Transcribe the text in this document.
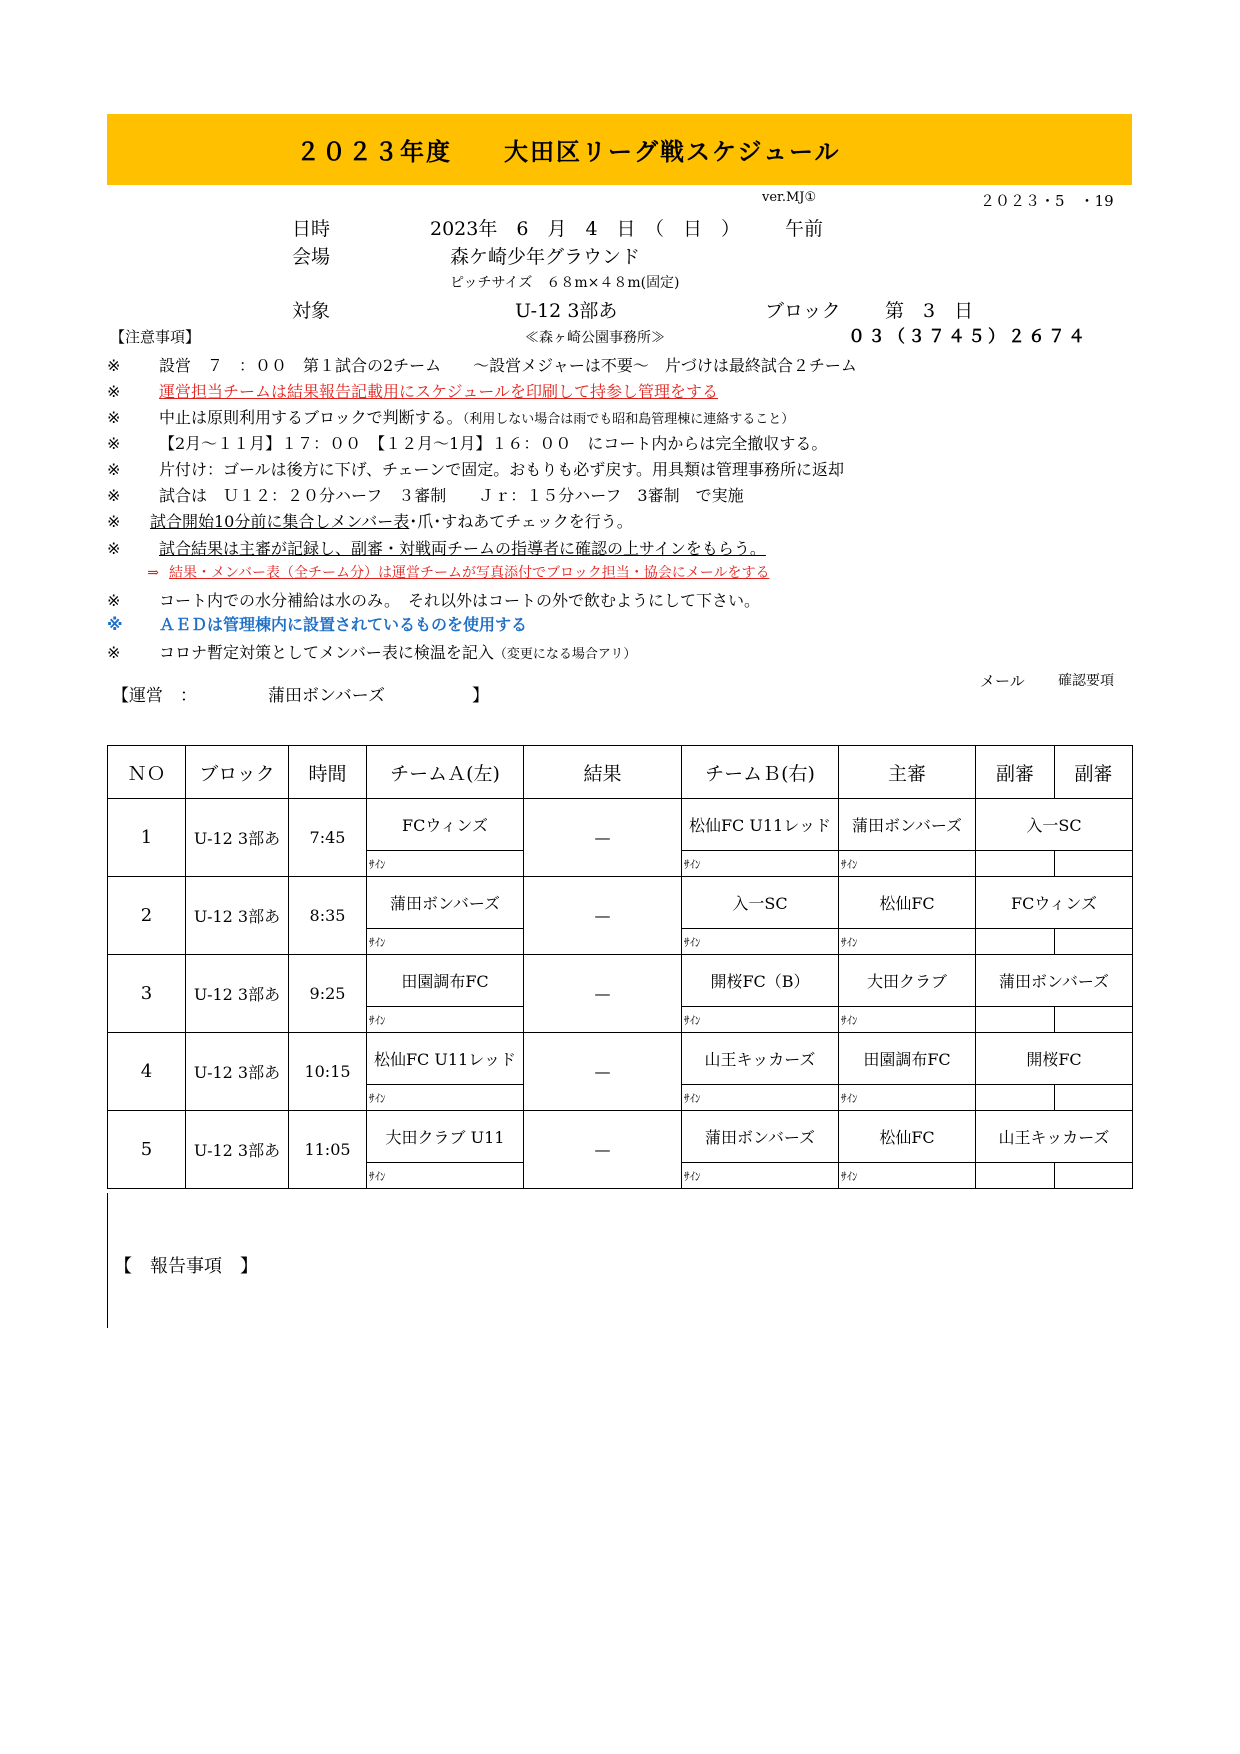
２０２３年度　　大田区リーグ戦スケジュール
ver.MJ①	２０２３・5　・19
日時	2023年　6　月　4　日　（　日　） 午前
会場	森ケ崎少年グラウンド
ピッチサイズ　６８m×４８m(固定)
対象	U-12 3部あ	ブロック 第　3　日
【注意事項】	≪森ヶ崎公園事務所≫	０３（３７４５）２６７４
※ 設営　７　：００　第１試合の2チーム　　～設営メジャーは不要～　片づけは最終試合２チーム
※ 運営担当チームは結果報告記載用にスケジュールを印刷して持参し管理をする
※ 中止は原則利用するブロックで判断する。（利用しない場合は雨でも昭和島管理棟に連絡すること）
※ 【2月～１１月】１７：００　【１２月～1月】１６：００　にコート内からは完全撤収する。
※ 片付け：ゴールは後方に下げ、チェーンで固定。おもりも必ず戻す。用具類は管理事務所に返却
※ 試合は　Ｕ１２：２０分ハーフ　３審制　　Ｊｒ：１５分ハーフ　3審制　で実施
※ 試合開始10分前に集合しメンバー表･爪･すねあてチェックを行う。
※ 試合結果は主審が記録し、副審・対戦両チームの指導者に確認の上サインをもらう。
⇒ 結果・メンバー表（全チーム分）は運営チームが写真添付でブロック担当・協会にメールをする
※ コート内での水分補給は水のみ。　それ以外はコートの外で飲むようにして下さい。
※ ＡＥＤは管理棟内に設置されているものを使用する
※ コロナ暫定対策としてメンバー表に検温を記入（変更になる場合アリ）
【運営　：	蒲田ボンバーズ	】
メール 確認要項
ＮＯ	ブロック	時間	チームＡ(左)	結果	チームＢ(右)	主審	副審	副審
1	U-12 3部あ	7:45	FCウィンズ	—	松仙FC U11レッド	蒲田ボンバーズ	入一SC	
			ｻｲﾝ		ｻｲﾝ	ｻｲﾝ		
2	U-12 3部あ	8:35	蒲田ボンバーズ	—	入一SC	松仙FC	FCウィンズ	
			ｻｲﾝ		ｻｲﾝ	ｻｲﾝ		
3	U-12 3部あ	9:25	田園調布FC	—	開桜FC（B）	大田クラブ	蒲田ボンバーズ	
			ｻｲﾝ		ｻｲﾝ	ｻｲﾝ		
4	U-12 3部あ	10:15	松仙FC U11レッド	—	山王キッカーズ	田園調布FC	開桜FC	
			ｻｲﾝ		ｻｲﾝ	ｻｲﾝ		
5	U-12 3部あ	11:05	大田クラブ U11	—	蒲田ボンバーズ	松仙FC	山王キッカーズ	
			ｻｲﾝ		ｻｲﾝ	ｻｲﾝ		
【　報告事項　】
